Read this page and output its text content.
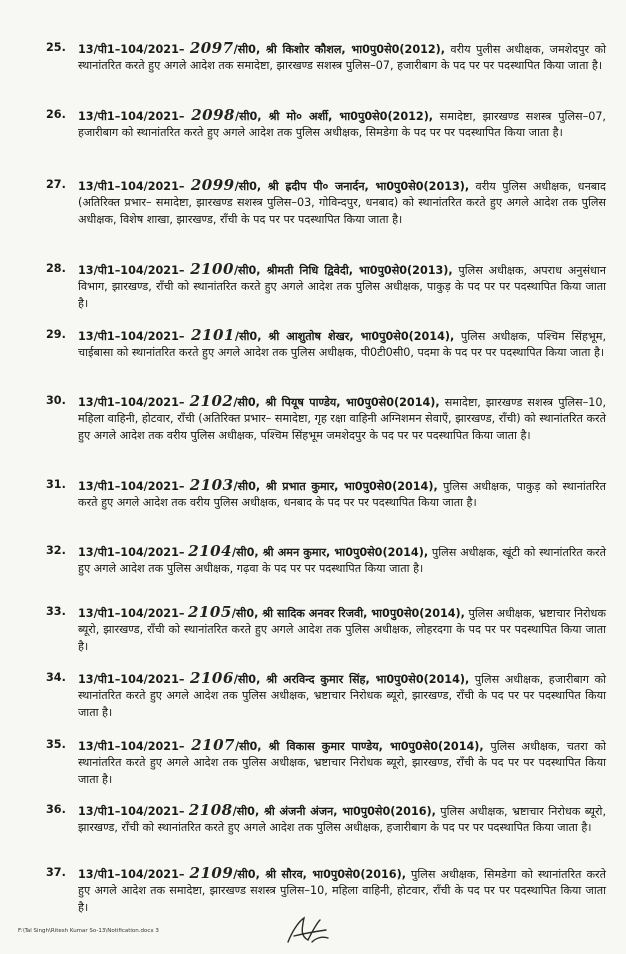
25.	13/पी1–104/2021– 2097/सी0, श्री किशोर कौशल, भा0पु0से0(2012), वरीय पुलीस अधीक्षक, जमशेदपुर को स्थानांतरित करते हुए अगले आदेश तक समादेष्टा, झारखण्ड सशस्त्र पुलिस–07, हजारीबाग के पद पर पर पदस्थापित किया जाता है।
26.	13/पी1–104/2021– 2098/सी0, श्री मो० अर्शी, भा0पु0से0(2012), समादेष्टा, झारखण्ड सशस्त्र पुलिस–07, हजारीबाग को स्थानांतरित करते हुए अगले आदेश तक पुलिस अधीक्षक, सिमडेगा के पद पर पर पदस्थापित किया जाता है।
27.	13/पी1–104/2021– 2099/सी0, श्री ह्रदीप पी० जनार्दन, भा0पु0से0(2013), वरीय पुलिस अधीक्षक, धनबाद (अतिरिक्त प्रभार– समादेष्टा, झारखण्ड सशस्त्र पुलिस–03, गोविन्दपुर, धनबाद) को स्थानांतरित करते हुए अगले आदेश तक पुलिस अधीक्षक, विशेष शाखा, झारखण्ड, राँची के पद पर पर पदस्थापित किया जाता है।
28.	13/पी1–104/2021– 2100/सी0, श्रीमती निधि द्विवेदी, भा0पु0से0(2013), पुलिस अधीक्षक, अपराध अनुसंधान विभाग, झारखण्ड, राँची को स्थानांतरित करते हुए अगले आदेश तक पुलिस अधीक्षक, पाकुड़ के पद पर पर पदस्थापित किया जाता है।
29.	13/पी1–104/2021– 2101/सी0, श्री आशुतोष शेखर, भा0पु0से0(2014), पुलिस अधीक्षक, पश्चिम सिंहभूम, चाईबासा को स्थानांतरित करते हुए अगले आदेश तक पुलिस अधीक्षक, पी0टी0सी0, पदमा के पद पर पर पदस्थापित किया जाता है।
30.	13/पी1–104/2021– 2102/सी0, श्री पियूष पाण्डेय, भा0पु0से0(2014), समादेष्टा, झारखण्ड सशस्त्र पुलिस–10, महिला वाहिनी, होटवार, राँची (अतिरिक्त प्रभार– समादेष्टा, गृह रक्षा वाहिनी अग्निशमन सेवाएँ, झारखण्ड, राँची) को स्थानांतरित करते हुए अगले आदेश तक वरीय पुलिस अधीक्षक, पश्चिम सिंहभूम जमशेदपुर के पद पर पर पदस्थापित किया जाता है।
31.	13/पी1–104/2021– 2103/सी0, श्री प्रभात कुमार, भा0पु0से0(2014), पुलिस अधीक्षक, पाकुड़ को स्थानांतरित करते हुए अगले आदेश तक वरीय पुलिस अधीक्षक, धनबाद के पद पर पर पदस्थापित किया जाता है।
32.	13/पी1–104/2021– 2104/सी0, श्री अमन कुमार, भा0पु0से0(2014), पुलिस अधीक्षक, खूंटी को स्थानांतरित करते हुए अगले आदेश तक पुलिस अधीक्षक, गढ़वा के पद पर पर पदस्थापित किया जाता है।
33.	13/पी1–104/2021– 2105/सी0, श्री सादिक अनवर रिजवी, भा0पु0से0(2014), पुलिस अधीक्षक, भ्रष्टाचार निरोधक ब्यूरो, झारखण्ड, राँची को स्थानांतरित करते हुए अगले आदेश तक पुलिस अधीक्षक, लोहरदगा के पद पर पर पदस्थापित किया जाता है।
34.	13/पी1–104/2021– 2106/सी0, श्री अरविन्द कुमार सिंह, भा0पु0से0(2014), पुलिस अधीक्षक, हजारीबाग को स्थानांतरित करते हुए अगले आदेश तक पुलिस अधीक्षक, भ्रष्टाचार निरोधक ब्यूरो, झारखण्ड, राँची के पद पर पर पदस्थापित किया जाता है।
35.	13/पी1–104/2021– 2107/सी0, श्री विकास कुमार पाण्डेय, भा0पु0से0(2014), पुलिस अधीक्षक, चतरा को स्थानांतरित करते हुए अगले आदेश तक पुलिस अधीक्षक, भ्रष्टाचार निरोधक ब्यूरो, झारखण्ड, राँची के पद पर पर पदस्थापित किया जाता है।
36.	13/पी1–104/2021– 2108/सी0, श्री अंजनी अंजन, भा0पु0से0(2016), पुलिस अधीक्षक, भ्रष्टाचार निरोधक ब्यूरो, झारखण्ड, राँची को स्थानांतरित करते हुए अगले आदेश तक पुलिस अधीक्षक, हजारीबाग के पद पर पर पदस्थापित किया जाता है।
37.	13/पी1–104/2021– 2109/सी0, श्री सौरव, भा0पु0से0(2016), पुलिस अधीक्षक, सिमडेगा को स्थानांतरित करते हुए अगले आदेश तक समादेष्टा, झारखण्ड सशस्त्र पुलिस–10, महिला वाहिनी, होटवार, राँची के पद पर पर पदस्थापित किया जाता है।
F:\Tal Singh\Ritesh Kumar So-13\Notification.docx 3
